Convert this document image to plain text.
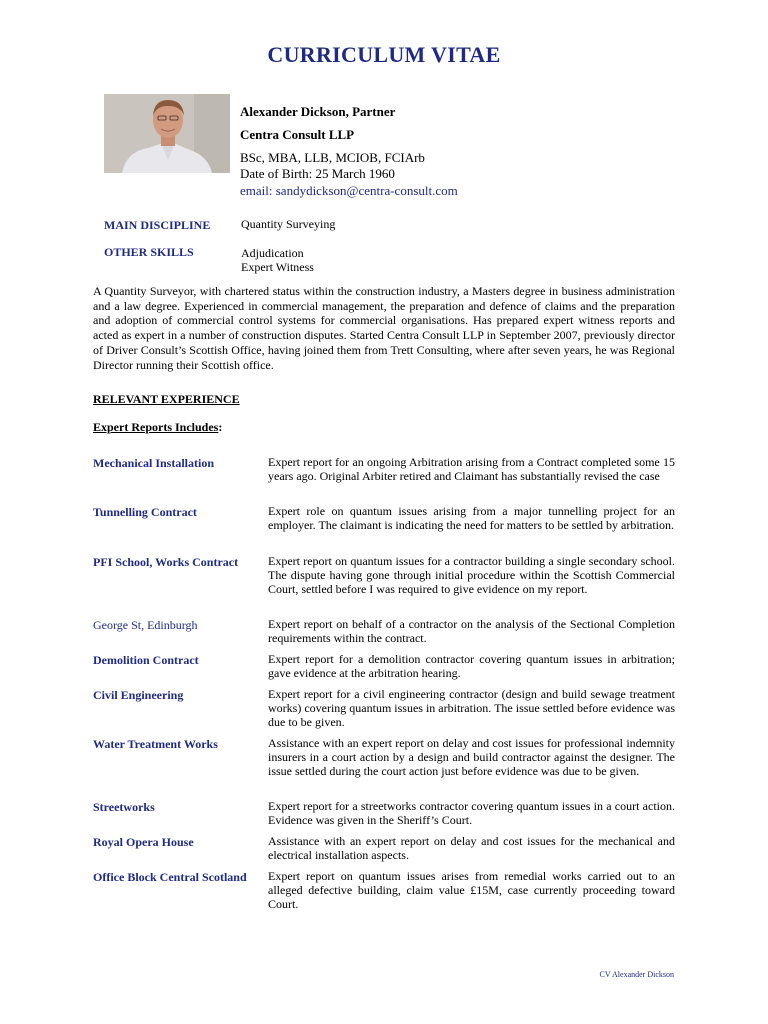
CURRICULUM VITAE
Alexander Dickson, Partner
Centra Consult LLP
BSc, MBA, LLB, MCIOB, FCIArb
Date of Birth: 25 March 1960
email: sandydickson@centra-consult.com
MAIN DISCIPLINE	Quantity Surveying
OTHER SKILLS	Adjudication
Expert Witness
A Quantity Surveyor, with chartered status within the construction industry, a Masters degree in business administration and a law degree. Experienced in commercial management, the preparation and defence of claims and the preparation and adoption of commercial control systems for commercial organisations. Has prepared expert witness reports and acted as expert in a number of construction disputes. Started Centra Consult LLP in September 2007, previously director of Driver Consult’s Scottish Office, having joined them from Trett Consulting, where after seven years, he was Regional Director running their Scottish office.
RELEVANT EXPERIENCE
Expert Reports Includes:
Mechanical Installation	Expert report for an ongoing Arbitration arising from a Contract completed some 15 years ago. Original Arbiter retired and Claimant has substantially revised the case
Tunnelling Contract	Expert role on quantum issues arising from a major tunnelling project for an employer. The claimant is indicating the need for matters to be settled by arbitration.
PFI School, Works Contract	Expert report on quantum issues for a contractor building a single secondary school. The dispute having gone through initial procedure within the Scottish Commercial Court, settled before I was required to give evidence on my report.
George St, Edinburgh	Expert report on behalf of a contractor on the analysis of the Sectional Completion requirements within the contract.
Demolition Contract	Expert report for a demolition contractor covering quantum issues in arbitration; gave evidence at the arbitration hearing.
Civil Engineering	Expert report for a civil engineering contractor (design and build sewage treatment works) covering quantum issues in arbitration. The issue settled before evidence was due to be given.
Water Treatment Works	Assistance with an expert report on delay and cost issues for professional indemnity insurers in a court action by a design and build contractor against the designer. The issue settled during the court action just before evidence was due to be given.
Streetworks	Expert report for a streetworks contractor covering quantum issues in a court action. Evidence was given in the Sheriff’s Court.
Royal Opera House	Assistance with an expert report on delay and cost issues for the mechanical and electrical installation aspects.
Office Block Central Scotland	Expert report on quantum issues arises from remedial works carried out to an alleged defective building, claim value £15M, case currently proceeding toward Court.
CV Alexander Dickson
